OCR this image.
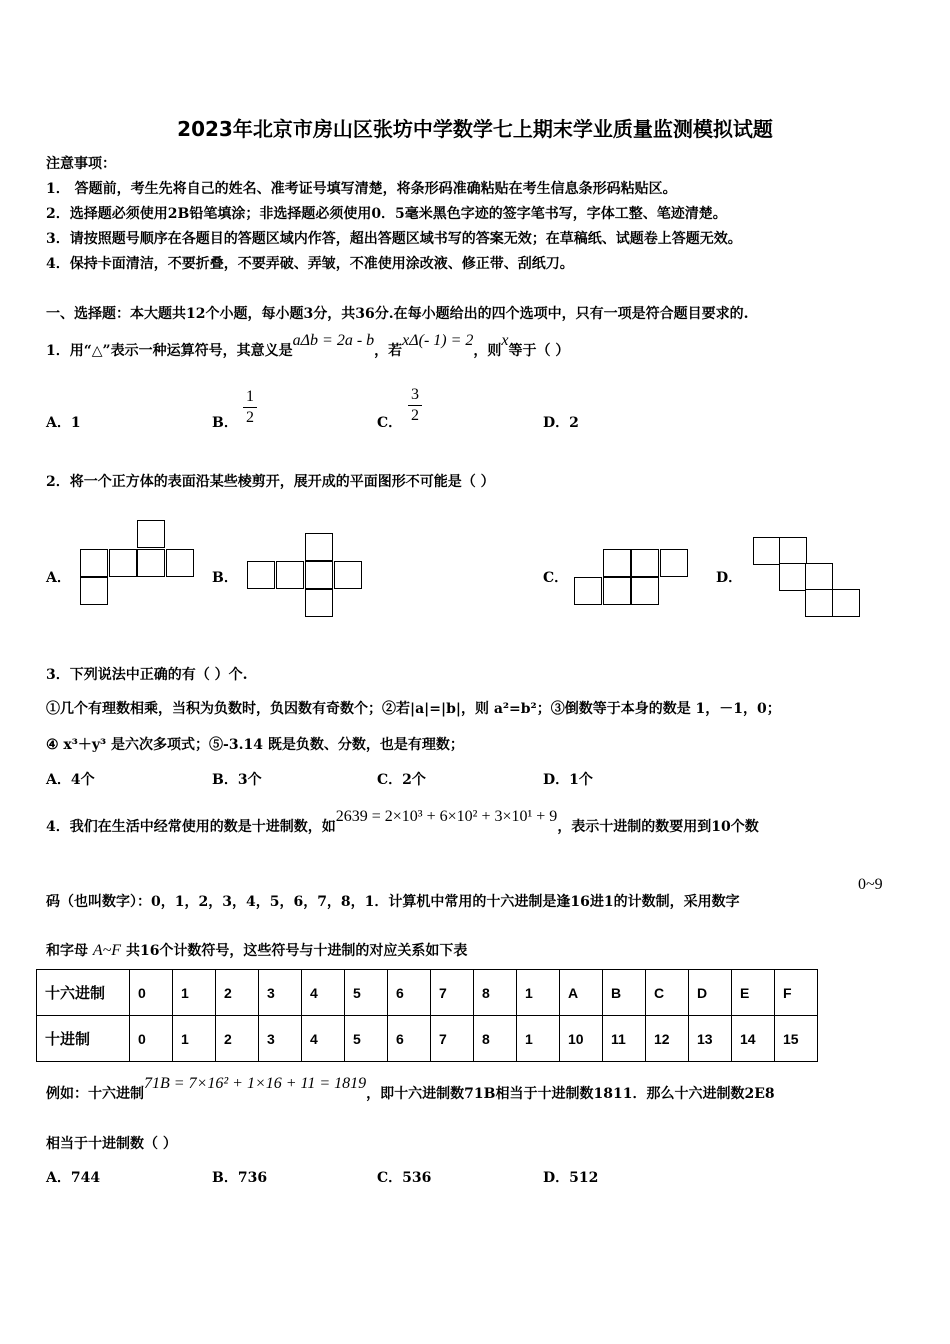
2023年北京市房山区张坊中学数学七上期末学业质量监测模拟试题
注意事项：
1． 答题前，考生先将自己的姓名、准考证号填写清楚，将条形码准确粘贴在考生信息条形码粘贴区。
2．选择题必须使用2B铅笔填涂；非选择题必须使用0．5毫米黑色字迹的签字笔书写，字体工整、笔迹清楚。
3．请按照题号顺序在各题目的答题区域内作答，超出答题区域书写的答案无效；在草稿纸、试题卷上答题无效。
4．保持卡面清洁，不要折叠，不要弄破、弄皱，不准使用涂改液、修正带、刮纸刀。
一、选择题：本大题共12个小题，每小题3分，共36分.在每小题给出的四个选项中，只有一项是符合题目要求的.
1．用“△”表示一种运算符号，其意义是aΔb = 2a - b，若xΔ(- 1) = 2，则x等于（ ）
A．1	B．
1
2	C．
3
2	D．2
2．将一个正方体的表面沿某些棱剪开，展开成的平面图形不可能是（ ）
A．	B．	C．	D．
3．下列说法中正确的有（ ）个.
①几个有理数相乘，当积为负数时，负因数有奇数个；②若|a|=|b|，则 a²=b²；③倒数等于本身的数是 1，－1，0；
④ x³＋y³ 是六次多项式；⑤-3.14 既是负数、分数，也是有理数；
A．4个	B．3个	C．2个	D．1个
4．我们在生活中经常使用的数是十进制数，如2639 = 2×10³ + 6×10² + 3×10¹ + 9，表示十进制的数要用到10个数
码（也叫数字）：0，1，2，3，4，5，6，7，8，1．计算机中常用的十六进制是逢16进1的计数制，采用数字
0~9
和字母 A~F 共16个计数符号，这些符号与十进制的对应关系如下表
十六进制	0	1	2	3	4	5	6	7	8	1	A	B	C	D	E	F
十进制	0	1	2	3	4	5	6	7	8	1	10	11	12	13	14	15
例如：十六进制71B = 7×16² + 1×16 + 11 = 1819，即十六进制数71B相当于十进制数1811．那么十六进制数2E8
相当于十进制数（ ）
A．744	B．736	C．536	D．512
